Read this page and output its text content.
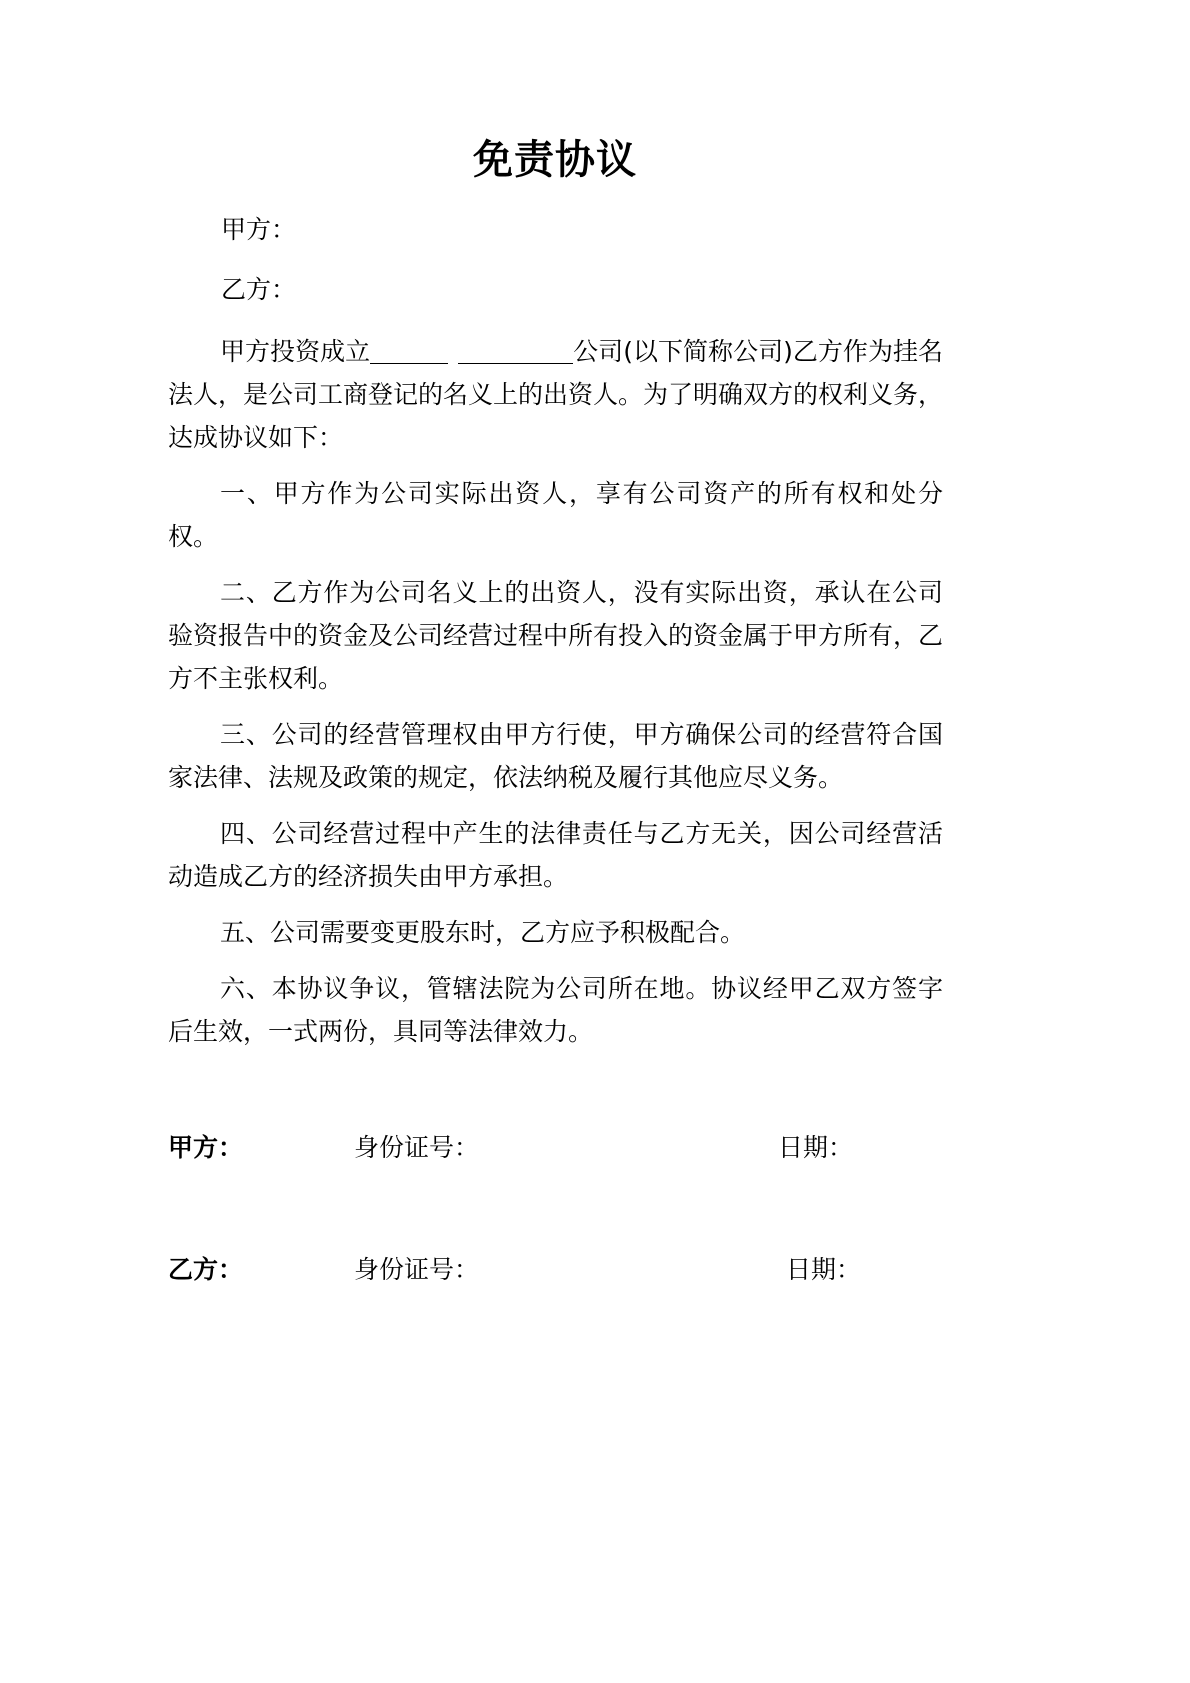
免责协议
甲方：
乙方：

甲方投资成立	公司(以下简称公司)乙方作为挂名法人，是公司工商登记的名义上的出资人。为了明确双方的权利义务，达成协议如下：

一、甲方作为公司实际出资人，享有公司资产的所有权和处分权。

二、乙方作为公司名义上的出资人，没有实际出资，承认在公司验资报告中的资金及公司经营过程中所有投入的资金属于甲方所有，乙方不主张权利。

三、公司的经营管理权由甲方行使，甲方确保公司的经营符合国家法律、法规及政策的规定，依法纳税及履行其他应尽义务。

四、公司经营过程中产生的法律责任与乙方无关，因公司经营活动造成乙方的经济损失由甲方承担。

五、公司需要变更股东时，乙方应予积极配合。

六、本协议争议，管辖法院为公司所在地。协议经甲乙双方签字后生效，一式两份，具同等法律效力。

甲方：	身份证号：	日期：
乙方：	身份证号：	日期：
